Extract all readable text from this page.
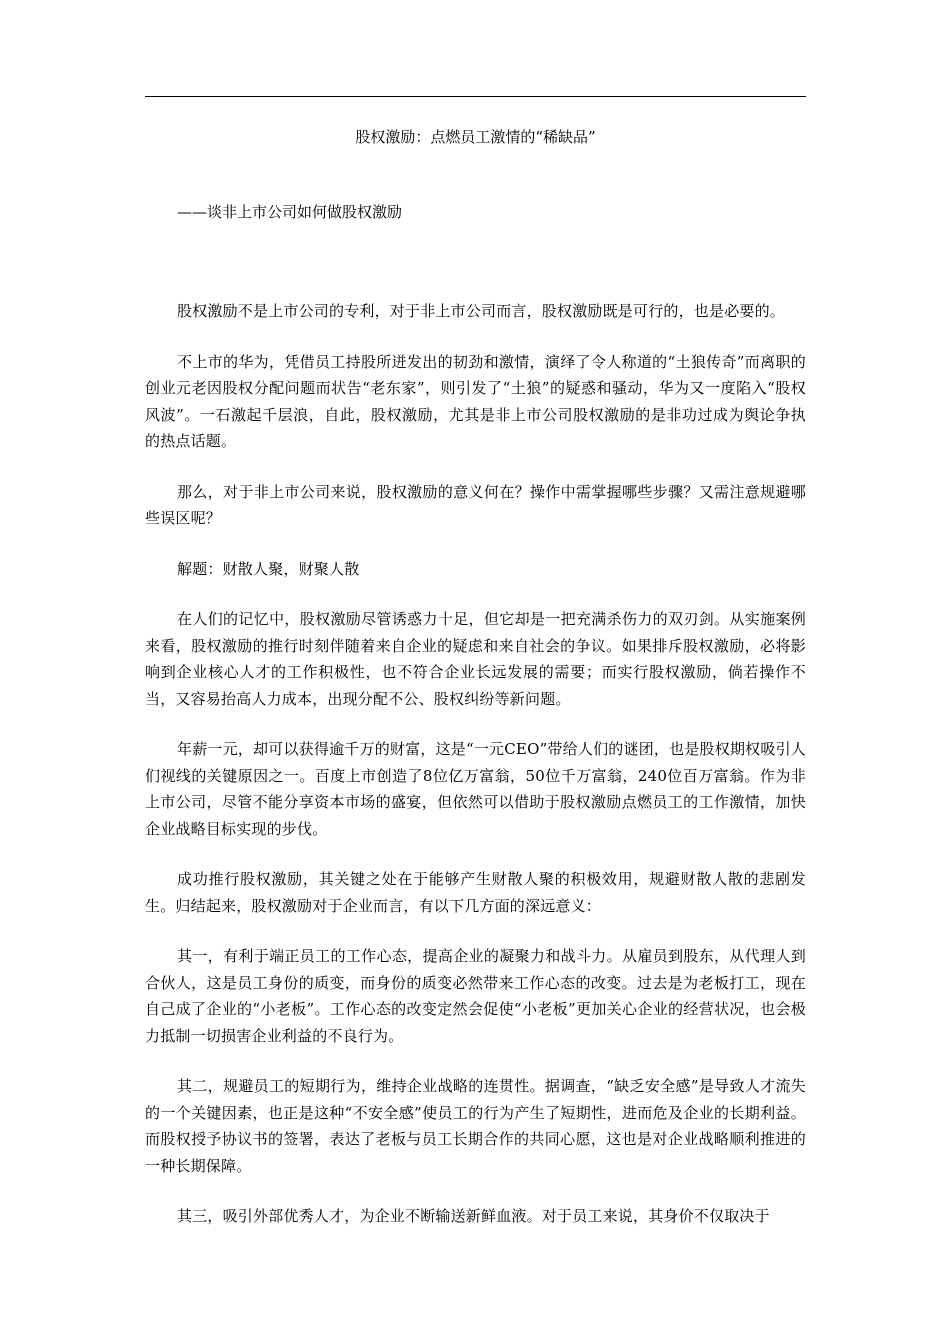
股权激励：点燃员工激情的“稀缺品”
——谈非上市公司如何做股权激励

股权激励不是上市公司的专利，对于非上市公司而言，股权激励既是可行的，也是必要的。

不上市的华为，凭借员工持股所迸发出的韧劲和激情，演绎了令人称道的“土狼传奇”而离职的创业元老因股权分配问题而状告“老东家”，则引发了“土狼”的疑惑和骚动，华为又一度陷入“股权风波”。一石激起千层浪，自此，股权激励，尤其是非上市公司股权激励的是非功过成为舆论争执的热点话题。

那么，对于非上市公司来说，股权激励的意义何在？操作中需掌握哪些步骤？又需注意规避哪些误区呢？

解题：财散人聚，财聚人散

在人们的记忆中，股权激励尽管诱惑力十足，但它却是一把充满杀伤力的双刃剑。从实施案例来看，股权激励的推行时刻伴随着来自企业的疑虑和来自社会的争议。如果排斥股权激励，必将影响到企业核心人才的工作积极性，也不符合企业长远发展的需要；而实行股权激励，倘若操作不当，又容易抬高人力成本，出现分配不公、股权纠纷等新问题。

年薪一元，却可以获得逾千万的财富，这是“一元CEO”带给人们的谜团，也是股权期权吸引人们视线的关键原因之一。百度上市创造了8位亿万富翁，50位千万富翁，240位百万富翁。作为非上市公司，尽管不能分享资本市场的盛宴，但依然可以借助于股权激励点燃员工的工作激情，加快企业战略目标实现的步伐。

成功推行股权激励，其关键之处在于能够产生财散人聚的积极效用，规避财散人散的悲剧发生。归结起来，股权激励对于企业而言，有以下几方面的深远意义：

其一，有利于端正员工的工作心态，提高企业的凝聚力和战斗力。从雇员到股东，从代理人到合伙人，这是员工身份的质变，而身份的质变必然带来工作心态的改变。过去是为老板打工，现在自己成了企业的“小老板”。工作心态的改变定然会促使“小老板”更加关心企业的经营状况，也会极力抵制一切损害企业利益的不良行为。

其二，规避员工的短期行为，维持企业战略的连贯性。据调查，“缺乏安全感”是导致人才流失的一个关键因素，也正是这种“不安全感”使员工的行为产生了短期性，进而危及企业的长期利益。而股权授予协议书的签署，表达了老板与员工长期合作的共同心愿，这也是对企业战略顺利推进的一种长期保障。

其三，吸引外部优秀人才，为企业不断输送新鲜血液。对于员工来说，其身价不仅取决于
